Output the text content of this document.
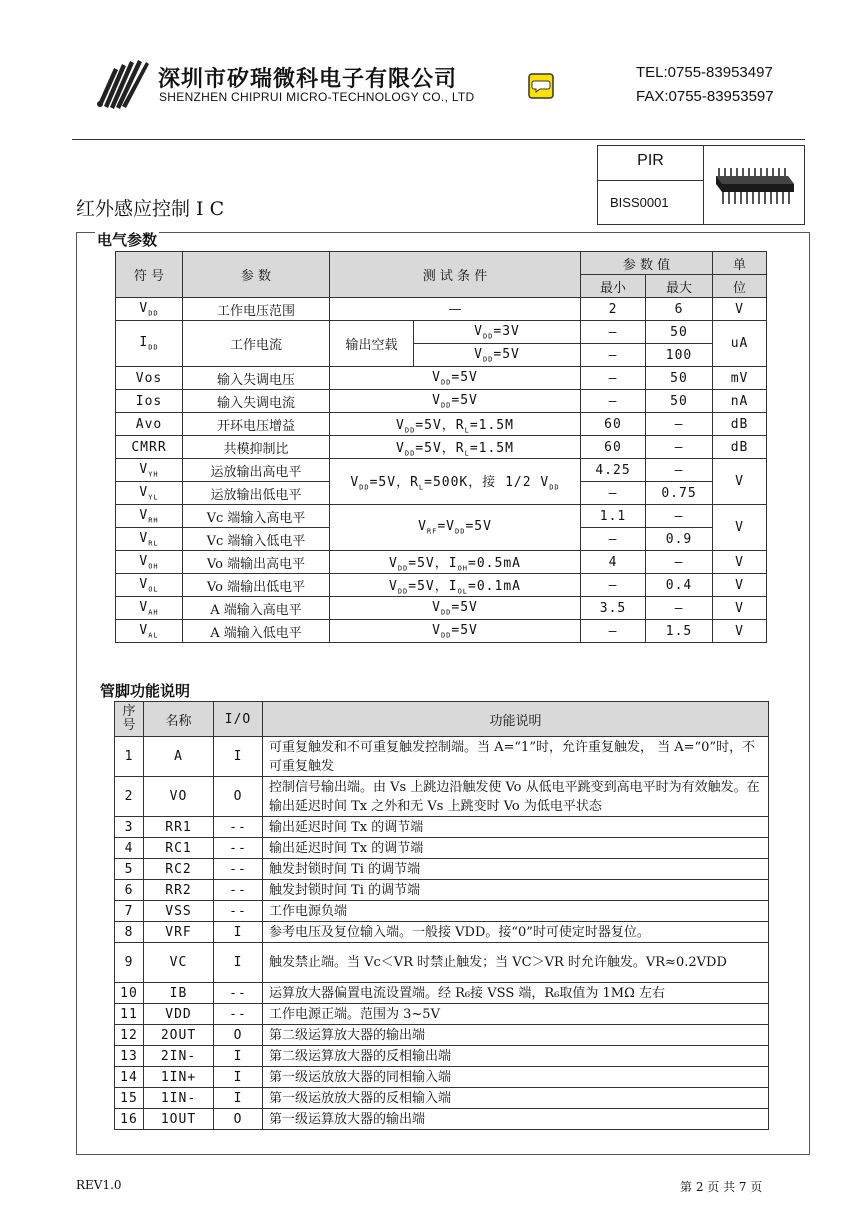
深圳市矽瑞微科电子有限公司
SHENZHEN CHIPRUI MICRO-TECHNOLOGY CO., LTD
TEL:0755-83953497
FAX:0755-83953597
PIR
BISS0001
红外感应控制 I C
电气参数
符 号	参 数	测 试 条 件		参 数 值		单
				最小	最大	位
$V_{DD}$	工作电压范围	—		2	6	V
$I_{DD}$	工作电流	输出空载	$V_{DD}=3V$	—	50	uA
			$V_{DD}=5V$	—	100	
Vos	输入失调电压	$V_{DD}=5V$		—	50	mV
Ios	输入失调电流	$V_{DD}=5V$		—	50	nA
Avo	开环电压增益	$V_{DD}=5V$，$R_L=1.5M$		60	—	dB
CMRR	共模抑制比	$V_{DD}=5V$，$R_L=1.5M$		60	—	dB
$V_{YH}$	运放输出高电平	$V_{DD}=5V$，$R_L=500K$，接 1/2 $V_{DD}$		4.25	—	V
$V_{YL}$	运放输出低电平			—	0.75	
$V_{RH}$	Vc 端输入高电平	$V_{RF}=V_{DD}=5V$		1.1	—	V
$V_{RL}$	Vc 端输入低电平			—	0.9	
$V_{OH}$	Vo 端输出高电平	$V_{DD}=5V$，$I_{OH}=0.5mA$		4	—	V
$V_{OL}$	Vo 端输出低电平	$V_{DD}=5V$，$I_{OL}=0.1mA$		—	0.4	V
$V_{AH}$	A 端输入高电平	$V_{DD}=5V$		3.5	—	V
$V_{AL}$	A 端输入低电平	$V_{DD}=5V$		—	1.5	V
管脚功能说明
序
号	名称	I/O	功能说明
1	A	I	可重复触发和不可重复触发控制端。当 A=“1”时，允许重复触发， 当 A=“0”时，不可重复触发
2	VO	O	控制信号输出端。由 Vs 上跳边沿触发使 Vo 从低电平跳变到高电平时为有效触发。在输出延迟时间 Tx 之外和无 Vs 上跳变时 Vo 为低电平状态
3	RR1	--	输出延迟时间 Tx 的调节端
4	RC1	--	输出延迟时间 Tx 的调节端
5	RC2	--	触发封锁时间 Ti 的调节端
6	RR2	--	触发封锁时间 Ti 的调节端
7	VSS	--	工作电源负端
8	VRF	I	参考电压及复位输入端。一般接 VDD。接“0”时可使定时器复位。
9	VC	I	触发禁止端。当 Vc＜VR 时禁止触发；当 VC＞VR 时允许触发。VR≈0.2VDD
10	IB	--	运算放大器偏置电流设置端。经 R₆接 VSS 端，R₆取值为 1MΩ 左右
11	VDD	--	工作电源正端。范围为 3~5V
12	2OUT	O	第二级运算放大器的输出端
13	2IN-	I	第二级运算放大器的反相输出端
14	1IN+	I	第一级运放放大器的同相输入端
15	1IN-	I	第一级运放放大器的反相输入端
16	1OUT	O	第一级运算放大器的输出端
REV1.0	第 2 页 共 7 页
